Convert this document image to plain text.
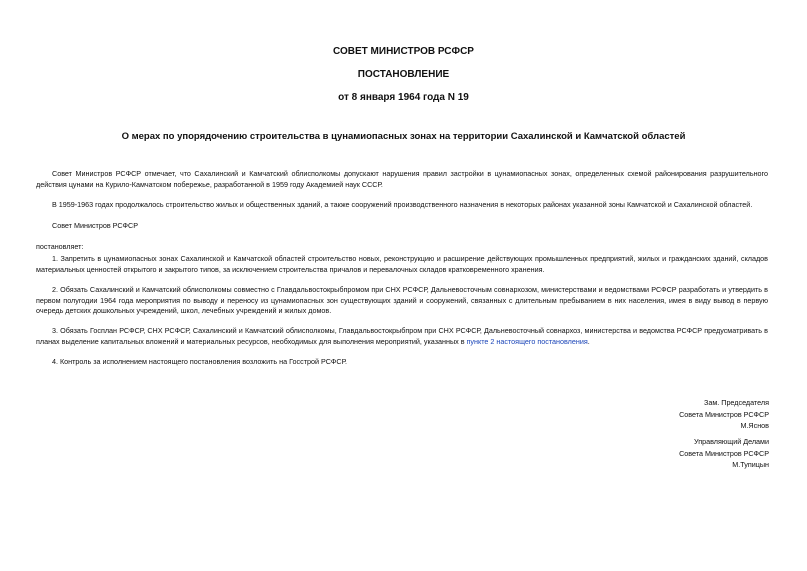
СОВЕТ МИНИСТРОВ РСФСР
ПОСТАНОВЛЕНИЕ
от 8 января 1964 года N 19
О мерах по упорядочению строительства в цунамиопасных зонах на территории Сахалинской и Камчатской областей

Совет Министров РСФСР отмечает, что Сахалинский и Камчатский облисполкомы допускают нарушения правил застройки в цунамиопасных зонах, определенных схемой районирования разрушительного действия цунами на Курило-Камчатском побережье, разработанной в 1959 году Академией наук СССР.

В 1959-1963 годах продолжалось строительство жилых и общественных зданий, а также сооружений производственного назначения в некоторых районах указанной зоны Камчатской и Сахалинской областей.

Совет Министров РСФСР

постановляет:

1. Запретить в цунамиопасных зонах Сахалинской и Камчатской областей строительство новых, реконструкцию и расширение действующих промышленных предприятий, жилых и гражданских зданий, складов материальных ценностей открытого и закрытого типов, за исключением строительства причалов и перевалочных складов кратковременного хранения.

2. Обязать Сахалинский и Камчатский облисполкомы совместно с Главдальвостокрыбпромом при СНХ РСФСР, Дальневосточным совнархозом, министерствами и ведомствами РСФСР разработать и утвердить в первом полугодии 1964 года мероприятия по выводу и переносу из цунамиопасных зон существующих зданий и сооружений, связанных с длительным пребыванием в них населения, имея в виду вывод в первую очередь детских дошкольных учреждений, школ, лечебных учреждений и жилых домов.

3. Обязать Госплан РСФСР, СНХ РСФСР, Сахалинский и Камчатский облисполкомы, Главдальвостокрыбпром при СНХ РСФСР, Дальневосточный совнархоз, министерства и ведомства РСФСР предусматривать в планах выделение капитальных вложений и материальных ресурсов, необходимых для выполнения мероприятий, указанных в пункте 2 настоящего постановления.

4. Контроль за исполнением настоящего постановления возложить на Госстрой РСФСР.

Зам. Председателя
Совета Министров РСФСР
М.Яснов
Управляющий Делами
Совета Министров РСФСР
М.Тупицын
